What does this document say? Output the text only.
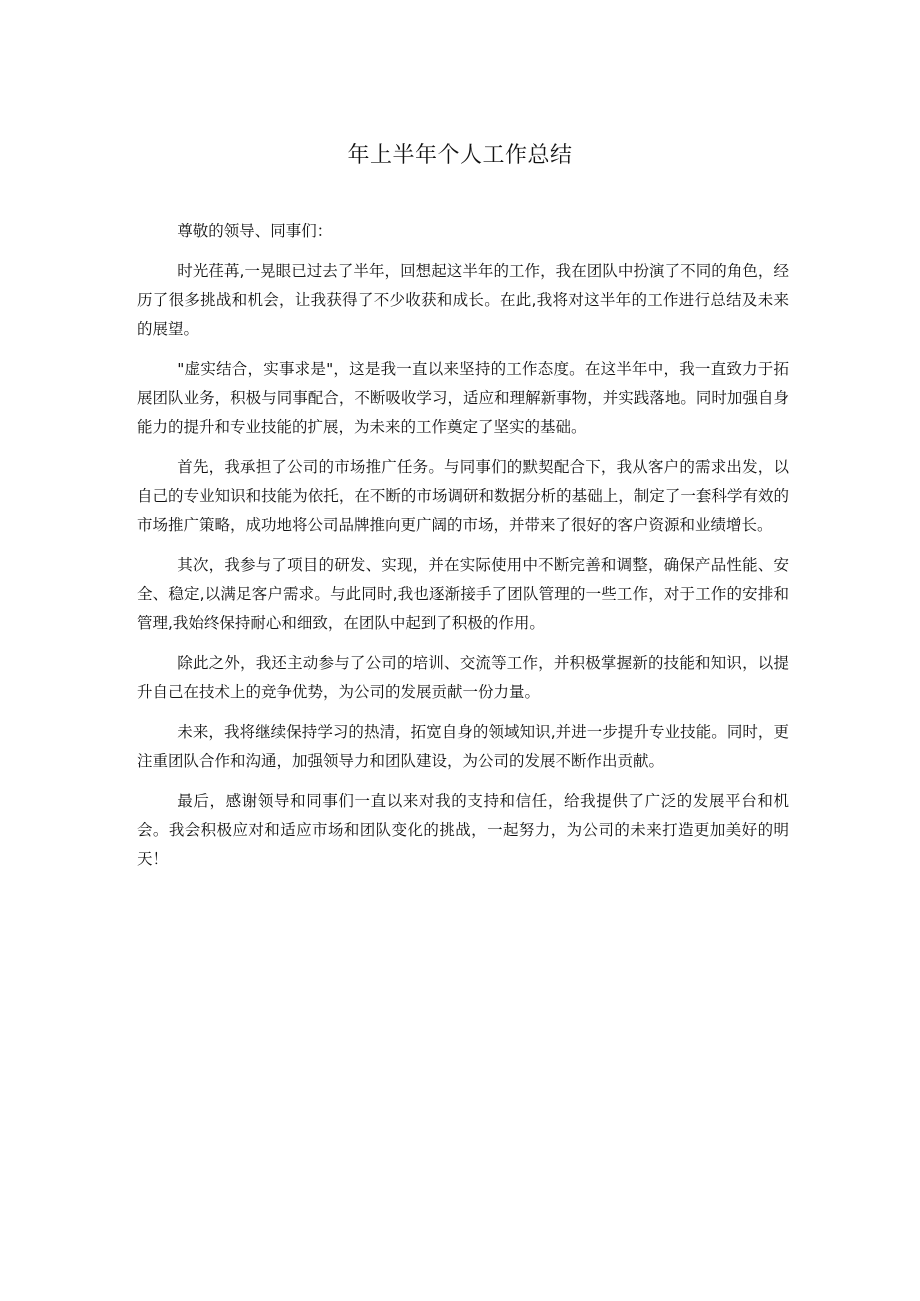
年上半年个人工作总结

尊敬的领导、同事们：

时光荏苒,一晃眼已过去了半年，回想起这半年的工作，我在团队中扮演了不同的角色，经历了很多挑战和机会，让我获得了不少收获和成长。在此,我将对这半年的工作进行总结及未来的展望。

"虚实结合，实事求是"，这是我一直以来坚持的工作态度。在这半年中，我一直致力于拓展团队业务，积极与同事配合，不断吸收学习，适应和理解新事物，并实践落地。同时加强自身能力的提升和专业技能的扩展，为未来的工作奠定了坚实的基础。

首先，我承担了公司的市场推广任务。与同事们的默契配合下，我从客户的需求出发，以自己的专业知识和技能为依托，在不断的市场调研和数据分析的基础上，制定了一套科学有效的市场推广策略，成功地将公司品牌推向更广阔的市场，并带来了很好的客户资源和业绩增长。

其次，我参与了项目的研发、实现，并在实际使用中不断完善和调整，确保产品性能、安全、稳定,以满足客户需求。与此同时,我也逐渐接手了团队管理的一些工作，对于工作的安排和管理,我始终保持耐心和细致，在团队中起到了积极的作用。

除此之外，我还主动参与了公司的培训、交流等工作，并积极掌握新的技能和知识，以提升自己在技术上的竞争优势，为公司的发展贡献一份力量。

未来，我将继续保持学习的热清，拓宽自身的领域知识,并进一步提升专业技能。同时，更注重团队合作和沟通，加强领导力和团队建设，为公司的发展不断作出贡献。

最后，感谢领导和同事们一直以来对我的支持和信任，给我提供了广泛的发展平台和机会。我会积极应对和适应市场和团队变化的挑战，一起努力，为公司的未来打造更加美好的明天！
